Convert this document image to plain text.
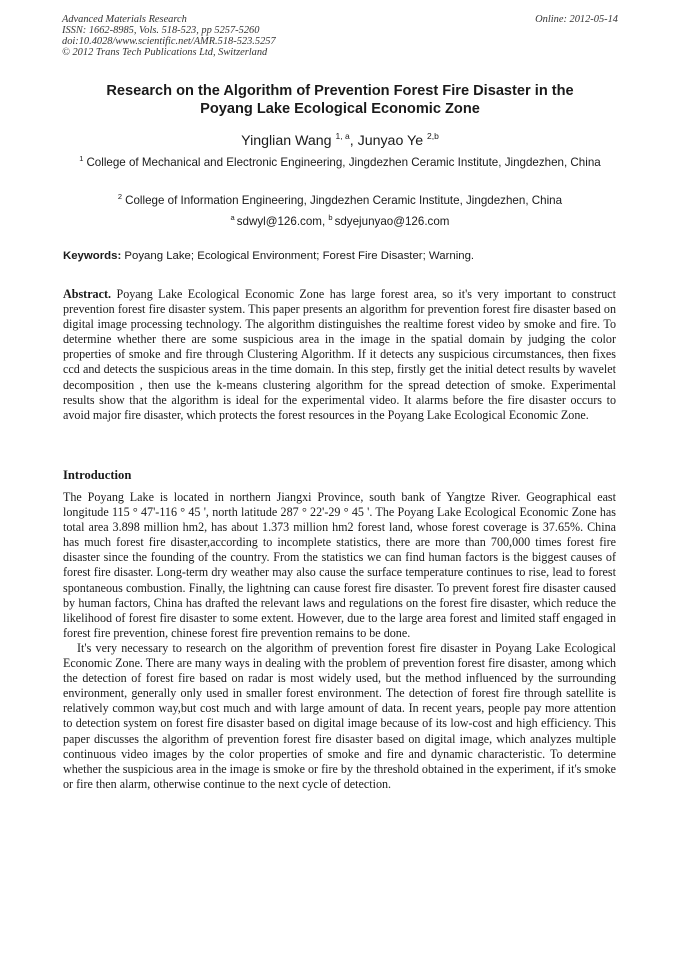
Advanced Materials Research
ISSN: 1662-8985, Vols. 518-523, pp 5257-5260
doi:10.4028/www.scientific.net/AMR.518-523.5257
© 2012 Trans Tech Publications Ltd, Switzerland
Online: 2012-05-14
Research on the Algorithm of Prevention Forest Fire Disaster in the
Poyang Lake Ecological Economic Zone
Yinglian Wang $^{1, a}$, Junyao Ye $^{2,b}$
$^1$ College of Mechanical and Electronic Engineering, Jingdezhen Ceramic Institute, Jingdezhen, China
$^2$ College of Information Engineering, Jingdezhen Ceramic Institute, Jingdezhen, China
$^a$ sdwyl@126.com, $^b$ sdyejunyao@126.com
Keywords: Poyang Lake; Ecological Environment; Forest Fire Disaster; Warning.
Abstract. Poyang Lake Ecological Economic Zone has large forest area, so it's very important to construct prevention forest fire disaster system. This paper presents an algorithm for prevention forest fire disaster based on digital image processing technology. The algorithm distinguishes the realtime forest video by smoke and fire. To determine whether there are some suspicious area in the image in the spatial domain by judging the color properties of smoke and fire through Clustering Algorithm. If it detects any suspicious circumstances, then fixes ccd and detects the suspicious areas in the time domain. In this step, firstly get the initial detect results by wavelet decomposition , then use the k-means clustering algorithm for the spread detection of smoke. Experimental results show that the algorithm is ideal for the experimental video. It alarms before the fire disaster occurs to avoid major fire disaster, which protects the forest resources in the Poyang Lake Ecological Economic Zone.
Introduction

The Poyang Lake is located in northern Jiangxi Province, south bank of Yangtze River. Geographical east longitude 115 ° 47'-116 ° 45 ', north latitude 287 ° 22'-29 ° 45 '. The Poyang Lake Ecological Economic Zone has total area 3.898 million hm2, has about 1.373 million hm2 forest land, whose forest coverage is 37.65%. China has much forest fire disaster,according to incomplete statistics, there are more than 700,000 times forest fire disaster since the founding of the country. From the statistics we can find human factors is the biggest causes of forest fire disaster. Long-term dry weather may also cause the surface temperature continues to rise, lead to forest spontaneous combustion. Finally, the lightning can cause forest fire disaster. To prevent forest fire disaster caused by human factors, China has drafted the relevant laws and regulations on the forest fire disaster, which reduce the likelihood of forest fire disaster to some extent. However, due to the large area forest and limited staff engaged in forest fire prevention, chinese forest fire prevention remains to be done.

It's very necessary to research on the algorithm of prevention forest fire disaster in Poyang Lake Ecological Economic Zone. There are many ways in dealing with the problem of prevention forest fire disaster, among which the detection of forest fire based on radar is most widely used, but the method influenced by the surrounding environment, generally only used in smaller forest environment. The detection of forest fire through satellite is relatively common way,but cost much and with large amount of data. In recent years, people pay more attention to detection system on forest fire disaster based on digital image because of its low-cost and high efficiency. This paper discusses the algorithm of prevention forest fire disaster based on digital image, which analyzes multiple continuous video images by the color properties of smoke and fire and dynamic characteristic. To determine whether the suspicious area in the image is smoke or fire by the threshold obtained in the experiment, if it's smoke or fire then alarm, otherwise continue to the next cycle of detection.
